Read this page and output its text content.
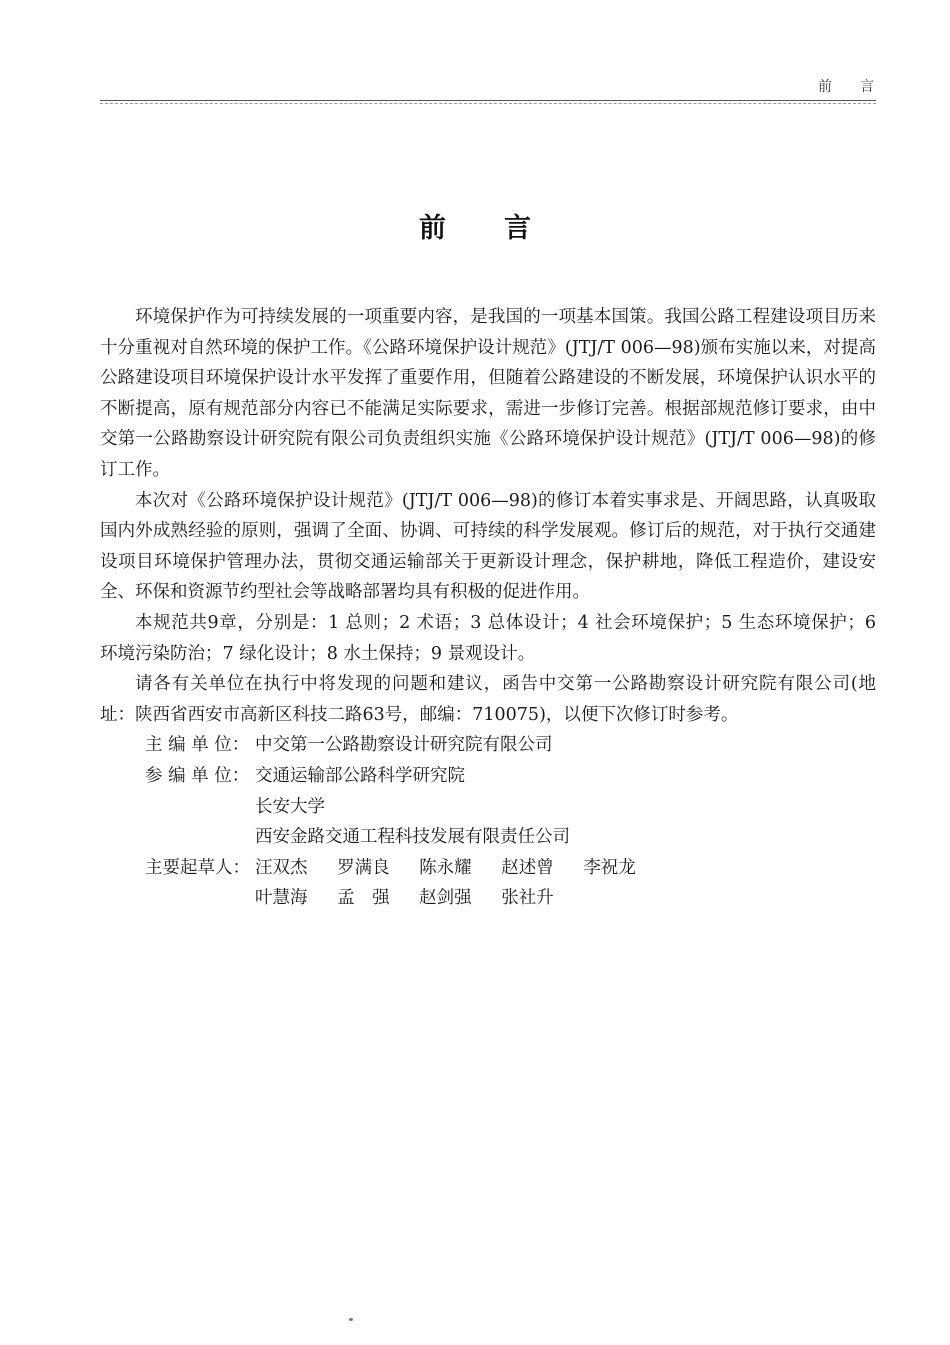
前言
前言

环境保护作为可持续发展的一项重要内容，是我国的一项基本国策。我国公路工程建设项目历来十分重视对自然环境的保护工作。《公路环境保护设计规范》(JTJ/T 006—98)颁布实施以来，对提高公路建设项目环境保护设计水平发挥了重要作用，但随着公路建设的不断发展，环境保护认识水平的不断提高，原有规范部分内容已不能满足实际要求，需进一步修订完善。根据部规范修订要求，由中交第一公路勘察设计研究院有限公司负责组织实施《公路环境保护设计规范》(JTJ/T 006—98)的修订工作。

本次对《公路环境保护设计规范》(JTJ/T 006—98)的修订本着实事求是、开阔思路，认真吸取国内外成熟经验的原则，强调了全面、协调、可持续的科学发展观。修订后的规范，对于执行交通建设项目环境保护管理办法，贯彻交通运输部关于更新设计理念，保护耕地，降低工程造价，建设安全、环保和资源节约型社会等战略部署均具有积极的促进作用。

本规范共9章，分别是：1 总则；2 术语；3 总体设计；4 社会环境保护；5 生态环境保护；6 环境污染防治；7 绿化设计；8 水土保持；9 景观设计。

请各有关单位在执行中将发现的问题和建议，函告中交第一公路勘察设计研究院有限公司(地址：陕西省西安市高新区科技二路63号，邮编：710075)，以便下次修订时参考。

主 编 单 位： 中交第一公路勘察设计研究院有限公司
参 编 单 位： 交通运输部公路科学研究院
长安大学
西安金路交通工程科技发展有限责任公司
主要起草人： 汪双杰 罗满良 陈永耀 赵述曾 李祝龙
叶慧海 孟　强 赵剑强 张社升
